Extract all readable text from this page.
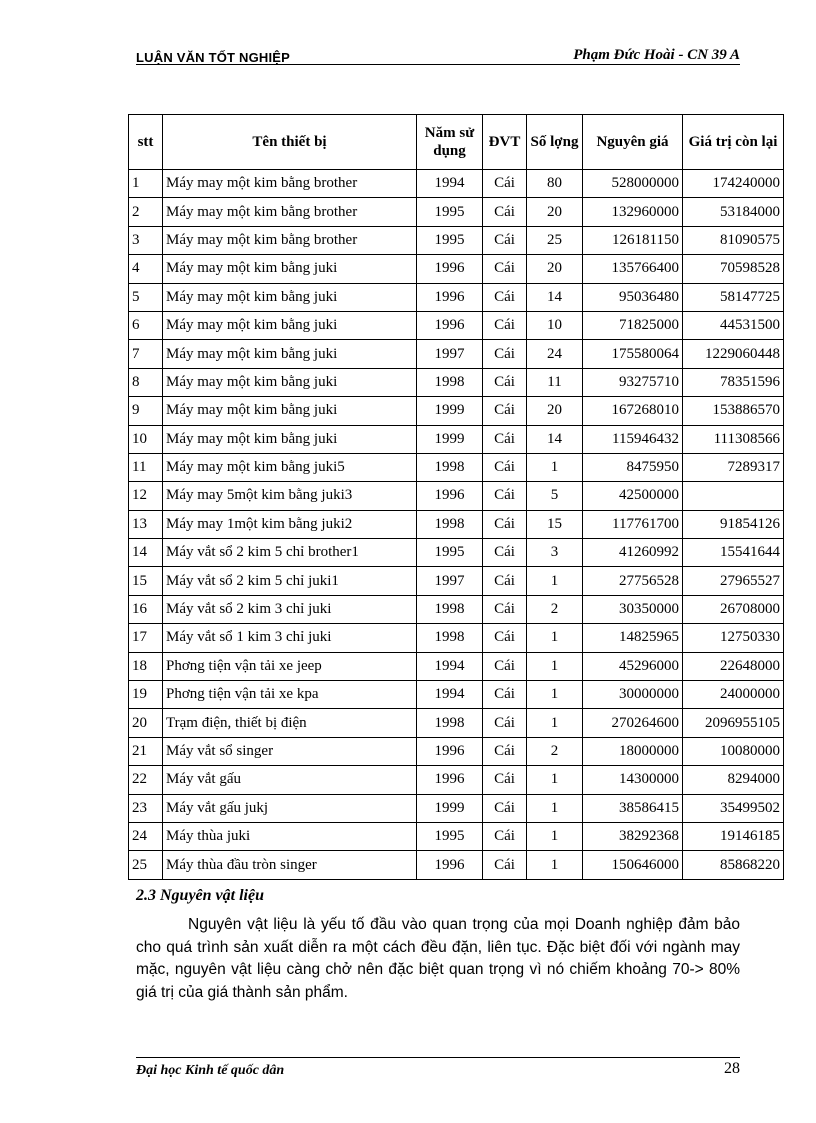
LUẬN VĂN TỐT NGHIỆP	Phạm Đức Hoài - CN 39 A
stt	Tên thiết bị	Năm sử dụng	ĐVT	Số lợng	Nguyên giá	Giá trị còn lại
1	Máy may một kim bằng brother	1994	Cái	80	528000000	174240000
2	Máy may một kim bằng brother	1995	Cái	20	132960000	53184000
3	Máy may một kim bằng brother	1995	Cái	25	126181150	81090575
4	Máy may một kim bằng juki	1996	Cái	20	135766400	70598528
5	Máy may một kim bằng juki	1996	Cái	14	95036480	58147725
6	Máy may một kim bằng juki	1996	Cái	10	71825000	44531500
7	Máy may một kim bằng juki	1997	Cái	24	175580064	1229060448
8	Máy may một kim bằng juki	1998	Cái	11	93275710	78351596
9	Máy may một kim bằng juki	1999	Cái	20	167268010	153886570
10	Máy may một kim bằng juki	1999	Cái	14	115946432	111308566
11	Máy may một kim bằng juki5	1998	Cái	1	8475950	7289317
12	Máy may 5một kim bằng juki3	1996	Cái	5	42500000	
13	Máy may 1một kim bằng juki2	1998	Cái	15	117761700	91854126
14	Máy vắt sổ 2 kim 5 chỉ brother1	1995	Cái	3	41260992	15541644
15	Máy vắt sổ 2 kim 5 chỉ juki1	1997	Cái	1	27756528	27965527
16	Máy vắt sổ 2 kim 3 chỉ juki	1998	Cái	2	30350000	26708000
17	Máy vắt sổ 1 kim 3 chỉ juki	1998	Cái	1	14825965	12750330
18	Phơng tiện vận tải xe jeep	1994	Cái	1	45296000	22648000
19	Phơng tiện vận tải xe kpa	1994	Cái	1	30000000	24000000
20	Trạm điện, thiết bị điện	1998	Cái	1	270264600	2096955105
21	Máy vắt sổ singer	1996	Cái	2	18000000	10080000
22	Máy vắt gấu	1996	Cái	1	14300000	8294000
23	Máy vắt gấu jukj	1999	Cái	1	38586415	35499502
24	Máy thùa juki	1995	Cái	1	38292368	19146185
25	Máy thùa đầu tròn singer	1996	Cái	1	150646000	85868220
2.3 Nguyên vật liệu

Nguyên vật liệu là yếu tố đầu vào quan trọng của mọi Doanh nghiệp đảm bảo cho quá trình sản xuất diễn ra một cách đều đặn, liên tục. Đặc biệt đối với ngành may mặc, nguyên vật liệu càng chở nên đặc biệt quan trọng vì nó chiếm khoảng 70-> 80% giá trị của giá thành sản phẩm.

Đại học Kinh tế quốc dân	28
